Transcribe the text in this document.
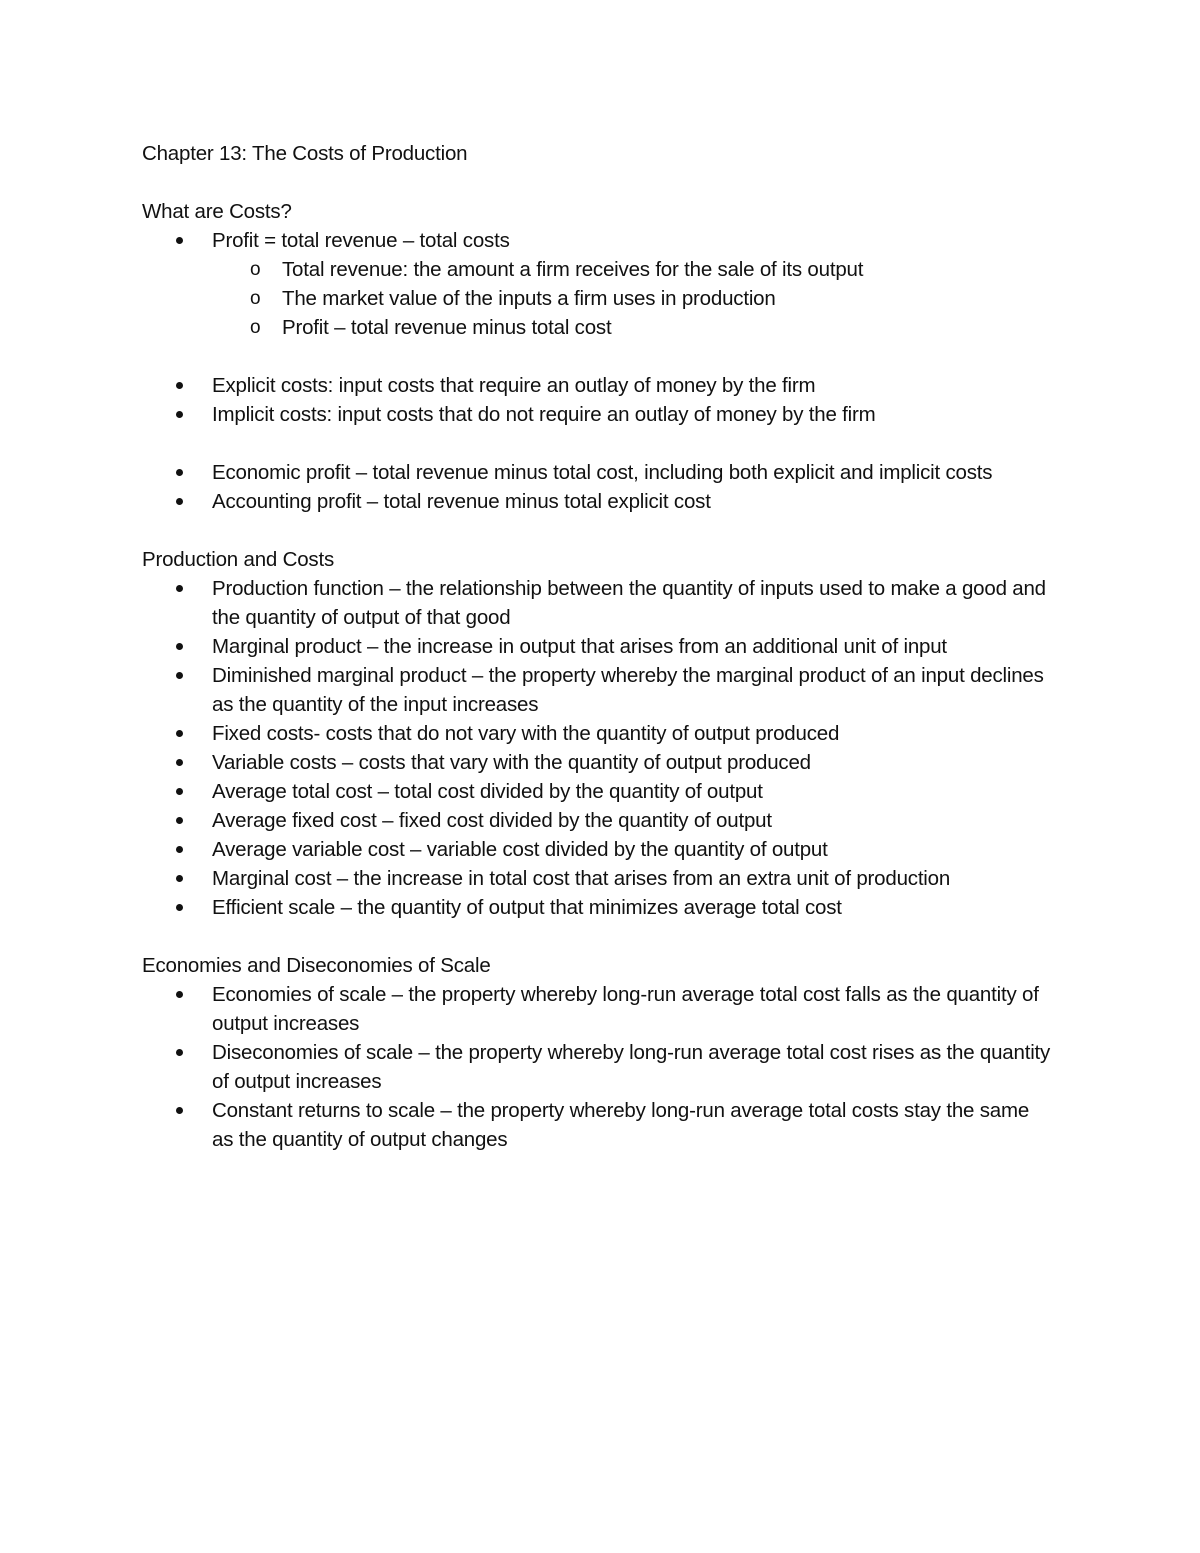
Chapter 13: The Costs of Production
What are Costs?
Profit = total revenue – total costs
o Total revenue: the amount a firm receives for the sale of its output
o The market value of the inputs a firm uses in production
o Profit – total revenue minus total cost
Explicit costs: input costs that require an outlay of money by the firm
Implicit costs: input costs that do not require an outlay of money by the firm
Economic profit – total revenue minus total cost, including both explicit and implicit costs
Accounting profit – total revenue minus total explicit cost
Production and Costs
Production function – the relationship between the quantity of inputs used to make a good and the quantity of output of that good
Marginal product – the increase in output that arises from an additional unit of input
Diminished marginal product – the property whereby the marginal product of an input declines as the quantity of the input increases
Fixed costs- costs that do not vary with the quantity of output produced
Variable costs – costs that vary with the quantity of output produced
Average total cost – total cost divided by the quantity of output
Average fixed cost – fixed cost divided by the quantity of output
Average variable cost – variable cost divided by the quantity of output
Marginal cost – the increase in total cost that arises from an extra unit of production
Efficient scale – the quantity of output that minimizes average total cost
Economies and Diseconomies of Scale
Economies of scale – the property whereby long-run average total cost falls as the quantity of output increases
Diseconomies of scale – the property whereby long-run average total cost rises as the quantity of output increases
Constant returns to scale – the property whereby long-run average total costs stay the same as the quantity of output changes
